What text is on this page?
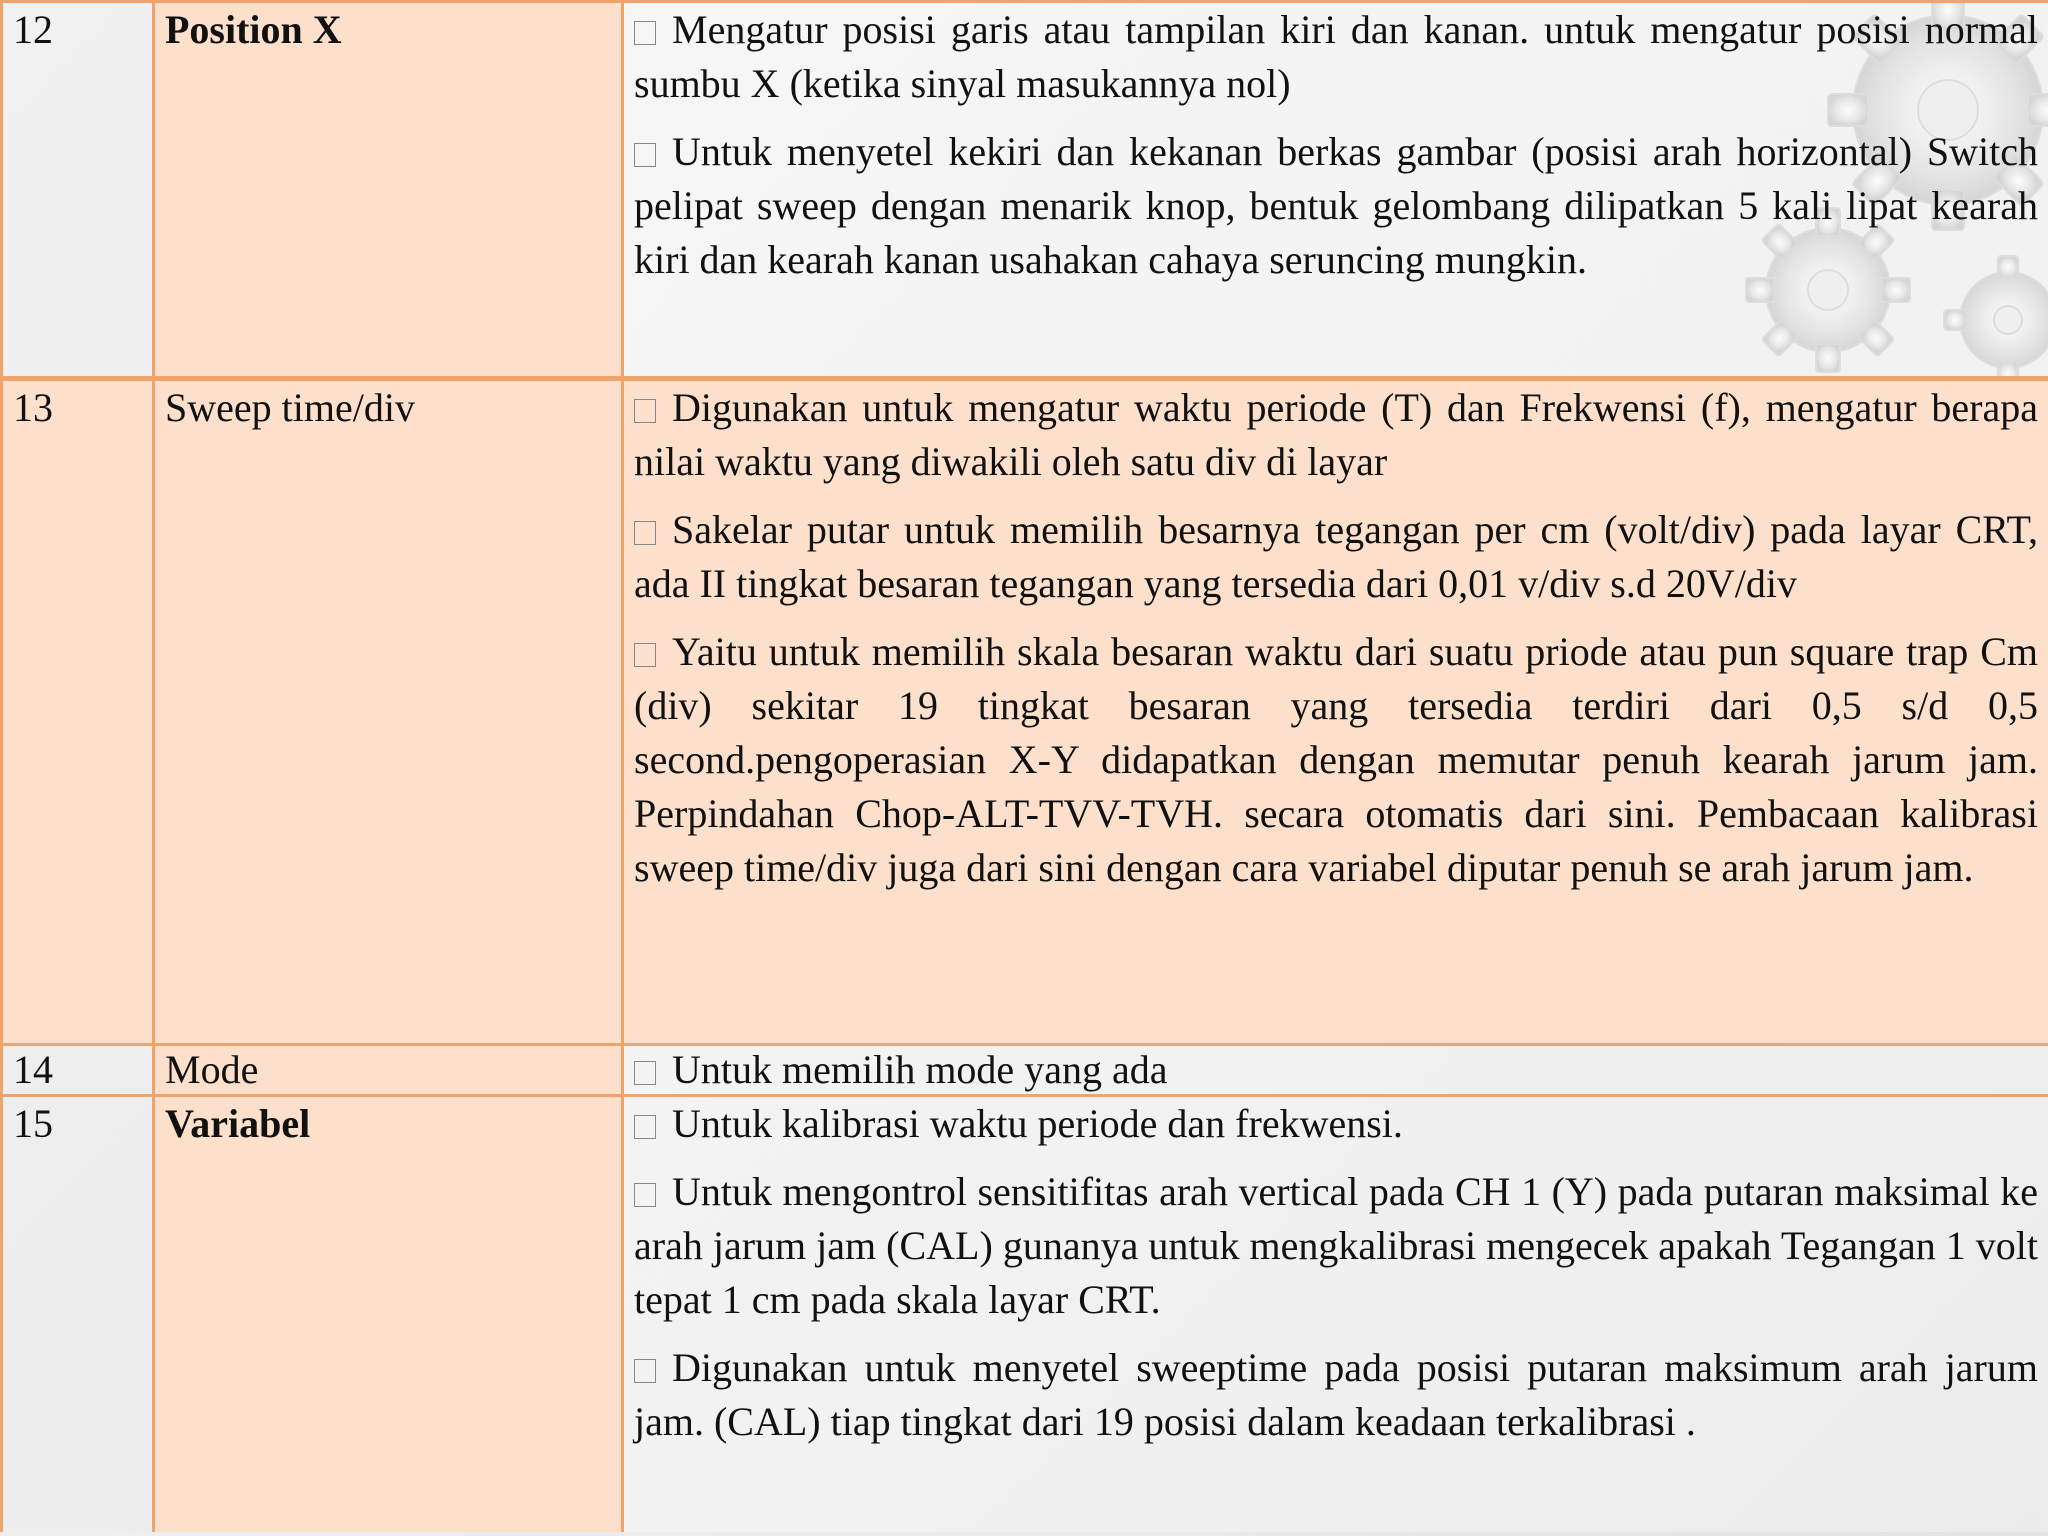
12	Position X	Mengatur posisi garis atau tampilan kiri dan kanan. untuk mengatur posisi normal sumbu X (ketika sinyal masukannya nol)

Untuk menyetel kekiri dan kekanan berkas gambar (posisi arah horizontal) Switch pelipat sweep dengan menarik knop, bentuk gelombang dilipatkan 5 kali lipat kearah kiri dan kearah kanan usahakan cahaya seruncing mungkin.

13	Sweep time/div	Digunakan untuk mengatur waktu periode (T) dan Frekwensi (f), mengatur berapa nilai waktu yang diwakili oleh satu div di layar

Sakelar putar untuk memilih besarnya tegangan per cm (volt/div) pada layar CRT, ada II tingkat besaran tegangan yang tersedia dari 0,01 v/div s.d 20V/div

Yaitu untuk memilih skala besaran waktu dari suatu priode atau pun square trap Cm (div) sekitar 19 tingkat besaran yang tersedia terdiri dari 0,5 s/d 0,5 second.pengoperasian X-Y didapatkan dengan memutar penuh kearah jarum jam. Perpindahan Chop-ALT-TVV-TVH. secara otomatis dari sini. Pembacaan kalibrasi sweep time/div juga dari sini dengan cara variabel diputar penuh se arah jarum jam.

14	Mode	Untuk memilih mode yang ada

15	Variabel	Untuk kalibrasi waktu periode dan frekwensi.

Untuk mengontrol sensitifitas arah vertical pada CH 1 (Y) pada putaran maksimal ke arah jarum jam (CAL) gunanya untuk mengkalibrasi mengecek apakah Tegangan 1 volt tepat 1 cm pada skala layar CRT.

Digunakan untuk menyetel sweeptime pada posisi putaran maksimum arah jarum jam. (CAL) tiap tingkat dari 19 posisi dalam keadaan terkalibrasi .
